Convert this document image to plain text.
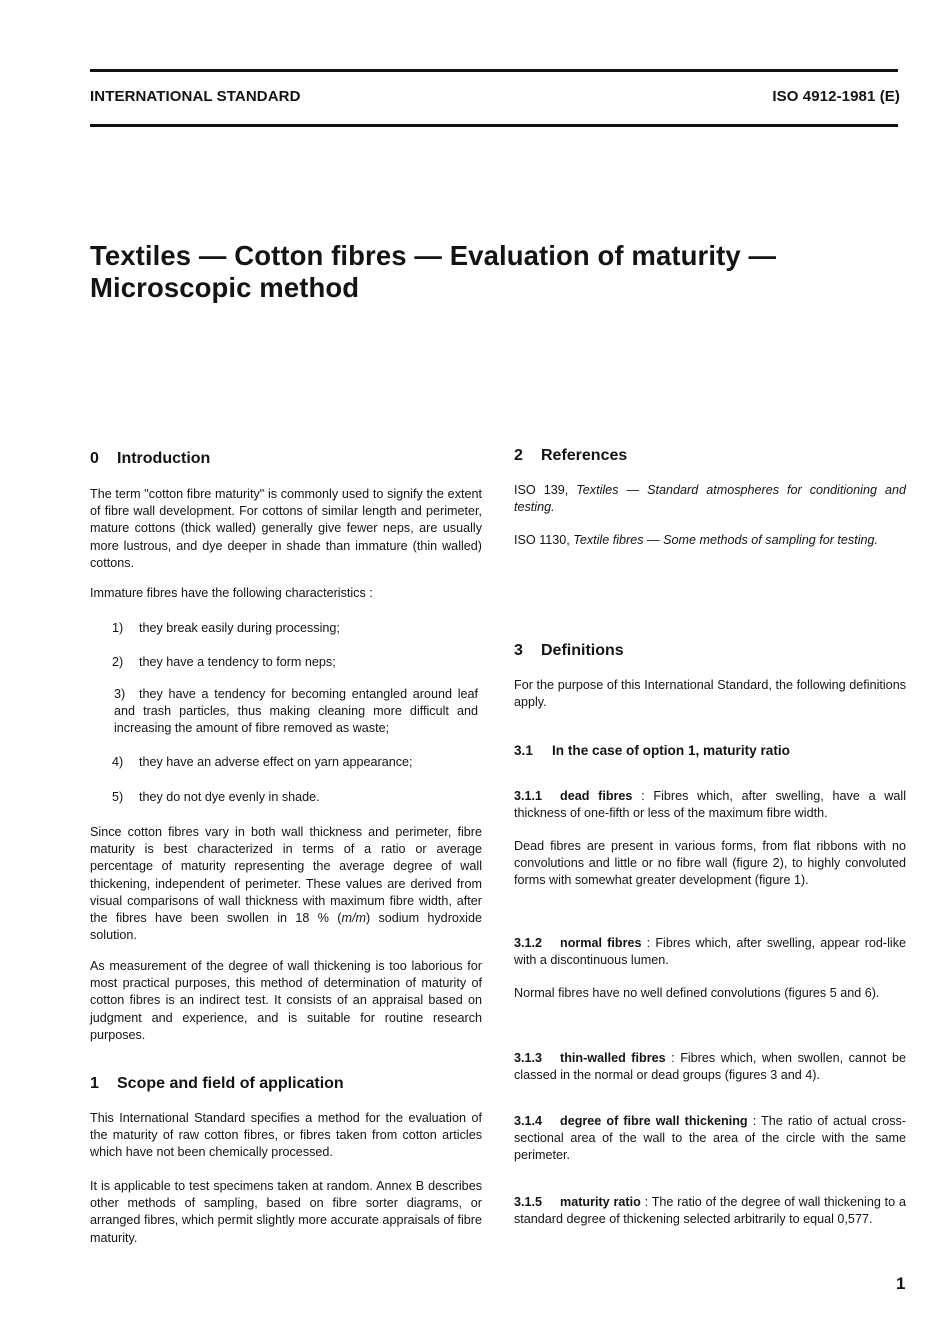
INTERNATIONAL STANDARD	ISO 4912-1981 (E)
Textiles — Cotton fibres — Evaluation of maturity —
Microscopic method
0 Introduction

The term "cotton fibre maturity" is commonly used to signify the extent of fibre wall development. For cottons of similar length and perimeter, mature cottons (thick walled) generally give fewer neps, are usually more lustrous, and dye deeper in shade than immature (thin walled) cottons.

Immature fibres have the following characteristics :

1) they break easily during processing;
2) they have a tendency to form neps;
3) they have a tendency for becoming entangled around leaf and trash particles, thus making cleaning more difficult and increasing the amount of fibre removed as waste;
4) they have an adverse effect on yarn appearance;
5) they do not dye evenly in shade.

Since cotton fibres vary in both wall thickness and perimeter, fibre maturity is best characterized in terms of a ratio or average percentage of maturity representing the average degree of wall thickening, independent of perimeter. These values are derived from visual comparisons of wall thickness with maximum fibre width, after the fibres have been swollen in 18 % (m/m) sodium hydroxide solution.

As measurement of the degree of wall thickening is too laborious for most practical purposes, this method of determination of maturity of cotton fibres is an indirect test. It consists of an appraisal based on judgment and experience, and is suitable for routine research purposes.

1 Scope and field of application

This International Standard specifies a method for the evaluation of the maturity of raw cotton fibres, or fibres taken from cotton articles which have not been chemically processed.

It is applicable to test specimens taken at random. Annex B describes other methods of sampling, based on fibre sorter diagrams, or arranged fibres, which permit slightly more accurate appraisals of fibre maturity.

2 References

ISO 139, Textiles — Standard atmospheres for conditioning and testing.

ISO 1130, Textile fibres — Some methods of sampling for testing.

3 Definitions

For the purpose of this International Standard, the following definitions apply.

3.1 In the case of option 1, maturity ratio

3.1.1 dead fibres : Fibres which, after swelling, have a wall thickness of one-fifth or less of the maximum fibre width.

Dead fibres are present in various forms, from flat ribbons with no convolutions and little or no fibre wall (figure 2), to highly convoluted forms with somewhat greater development (figure 1).

3.1.2 normal fibres : Fibres which, after swelling, appear rod-like with a discontinuous lumen.

Normal fibres have no well defined convolutions (figures 5 and 6).

3.1.3 thin-walled fibres : Fibres which, when swollen, cannot be classed in the normal or dead groups (figures 3 and 4).

3.1.4 degree of fibre wall thickening : The ratio of actual cross-sectional area of the wall to the area of the circle with the same perimeter.

3.1.5 maturity ratio : The ratio of the degree of wall thickening to a standard degree of thickening selected arbitrarily to equal 0,577.

1
